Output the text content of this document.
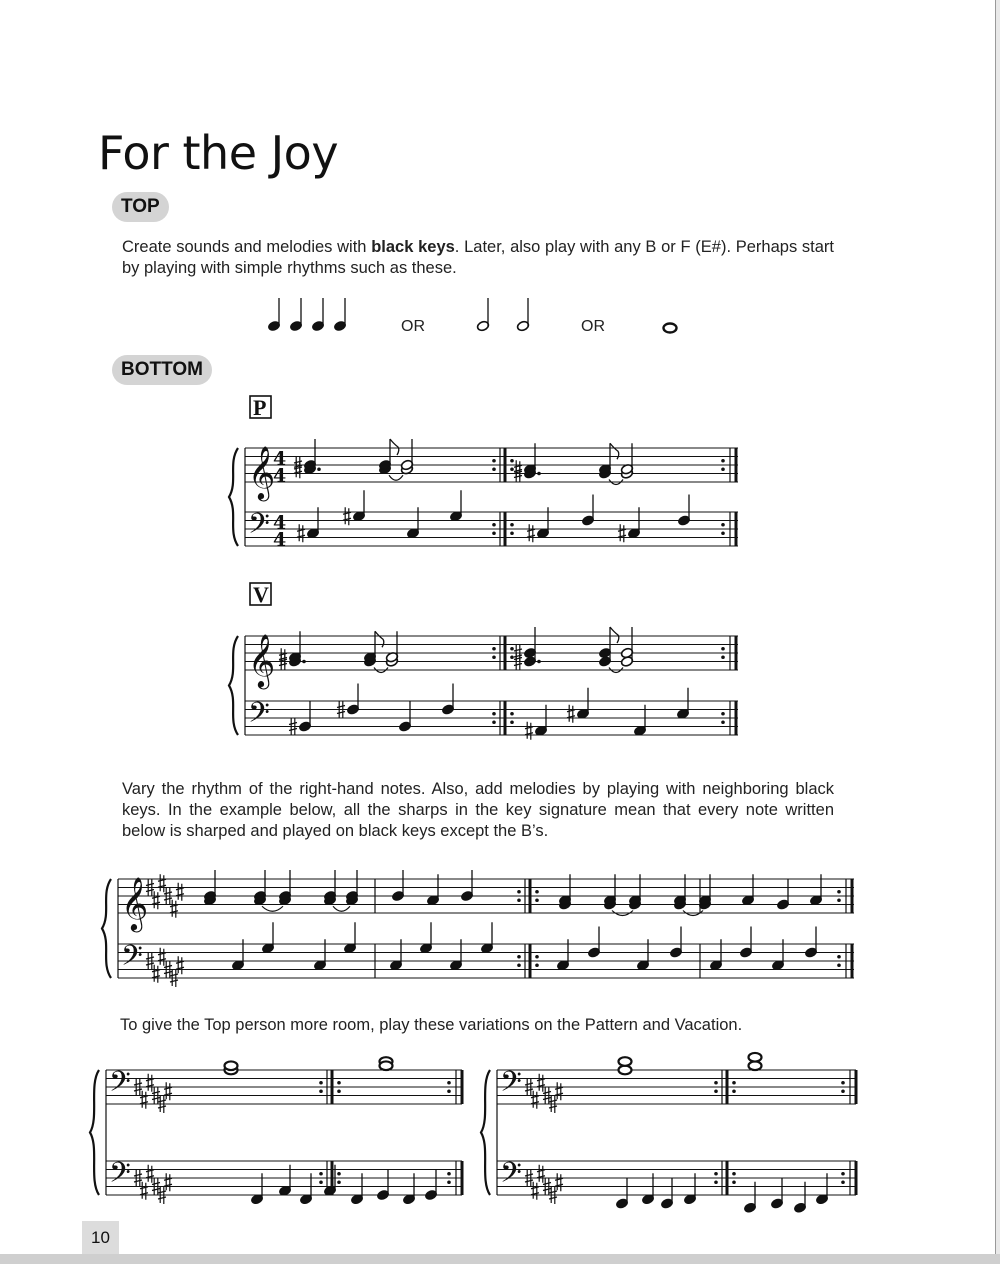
For the Joy
TOP
Create sounds and melodies with black keys. Later, also play with any B or F (E#). Perhaps start by playing with simple rhythms such as these.
BOTTOM
Vary the rhythm of the right-hand notes. Also, add melodies by playing with neighboring black keys. In the example below, all the sharps in the key signature mean that every note written below is sharped and played on black keys except the B’s.
To give the Top person more room, play these variations on the Pattern and Vacation.
10
OR	OR
P
V
𝄞
𝄢
4
4
4
4
𝄞
𝄢
𝄞
𝄢
𝄢
𝄢
𝄢
𝄢
